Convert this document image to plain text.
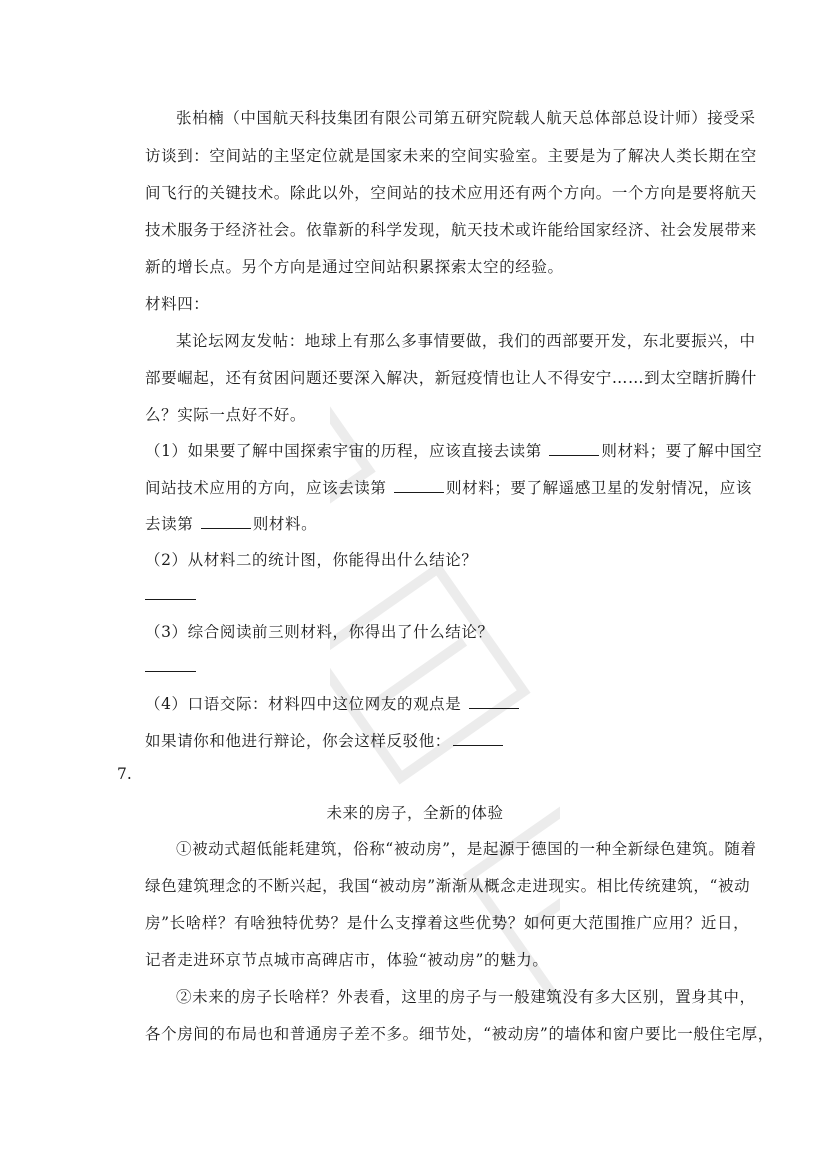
张柏楠（中国航天科技集团有限公司第五研究院载人航天总体部总设计师）接受采
访谈到：空间站的主坚定位就是国家未来的空间实验室。主要是为了解决人类长期在空
间飞行的关键技术。除此以外，空间站的技术应用还有两个方向。一个方向是要将航天
技术服务于经济社会。依靠新的科学发现，航天技术或许能给国家经济、社会发展带来
新的增长点。另个方向是通过空间站积累探索太空的经验。
材料四：
某论坛网友发帖：地球上有那么多事情要做，我们的西部要开发，东北要振兴，中
部要崛起，还有贫困问题还要深入解决，新冠疫情也让人不得安宁……到太空瞎折腾什
么？实际一点好不好。
（1）如果要了解中国探索宇宙的历程，应该直接去读第	则材料；要了解中国空
间站技术应用的方向，应该去读第	则材料；要了解遥感卫星的发射情况，应该
去读第	则材料。
（2）从材料二的统计图，你能得出什么结论？
（3）综合阅读前三则材料，你得出了什么结论？
（4）口语交际：材料四中这位网友的观点是
如果请你和他进行辩论，你会这样反驳他：
7.
未来的房子，全新的体验
①被动式超低能耗建筑，俗称“被动房”，是起源于德国的一种全新绿色建筑。随着
绿色建筑理念的不断兴起，我国“被动房”渐渐从概念走进现实。相比传统建筑，“被动
房”长啥样？有啥独特优势？是什么支撑着这些优势？如何更大范围推广应用？近日，
记者走进环京节点城市高碑店市，体验“被动房”的魅力。
②未来的房子长啥样？外表看，这里的房子与一般建筑没有多大区别，置身其中，
各个房间的布局也和普通房子差不多。细节处，“被动房”的墙体和窗户要比一般住宅厚，
